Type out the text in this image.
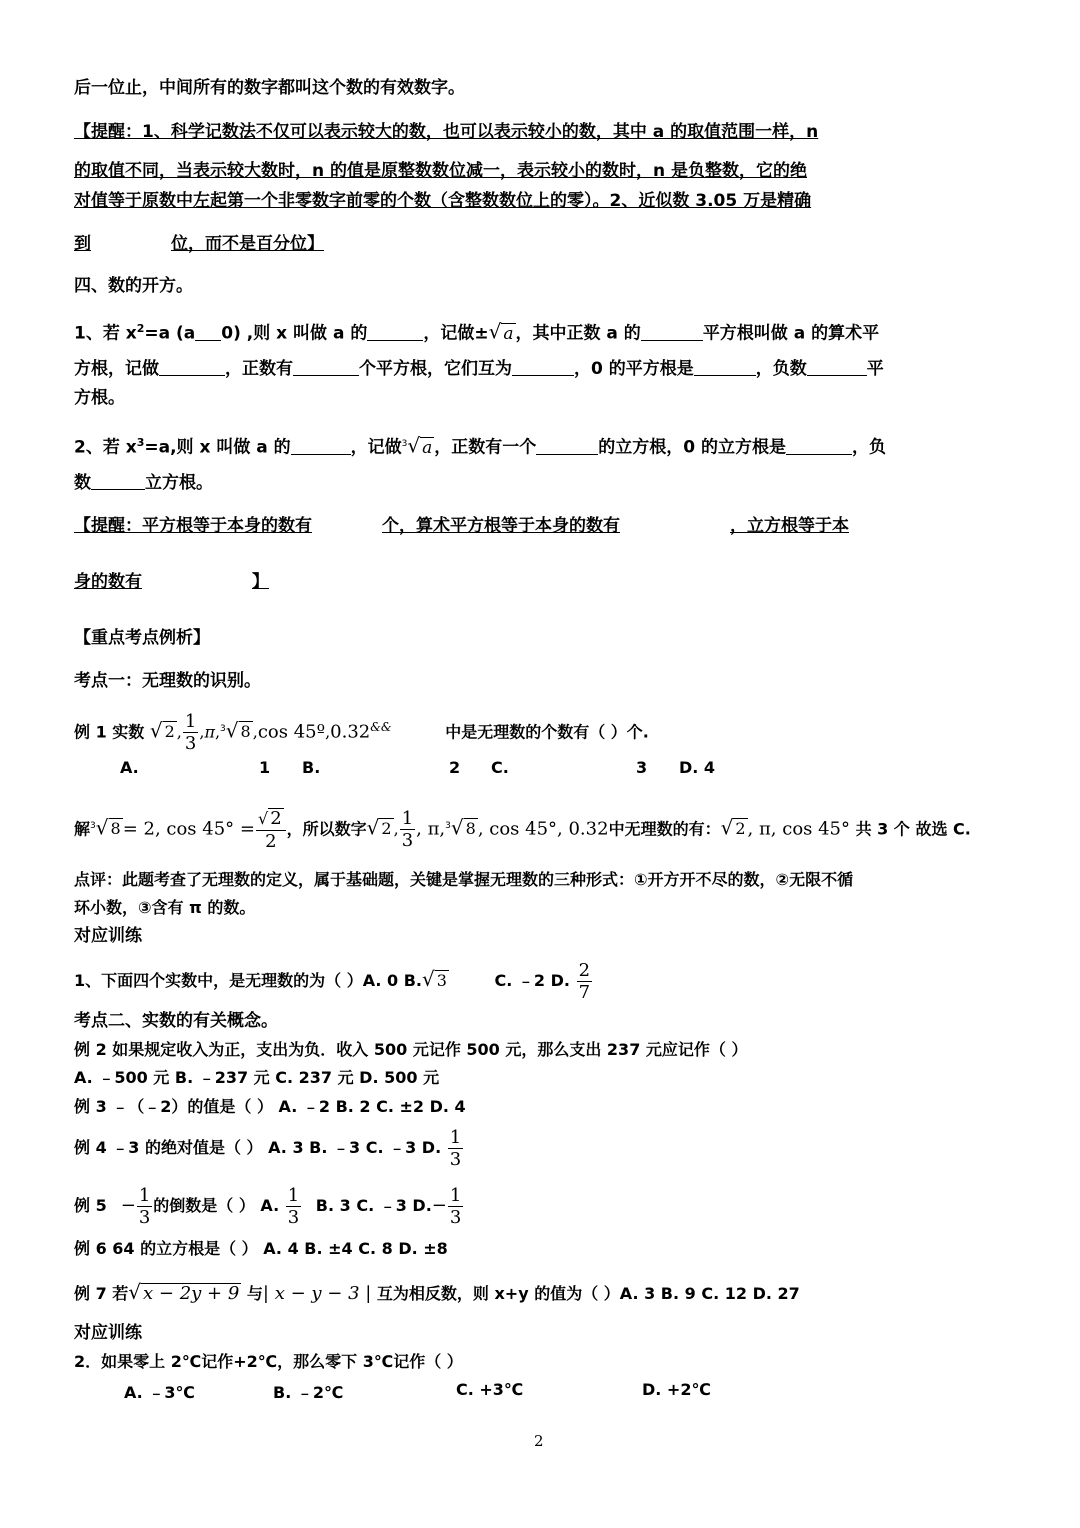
后一位止，中间所有的数字都叫这个数的有效数字。
【提醒：1、科学记数法不仅可以表示较大的数，也可以表示较小的数，其中 a 的取值范围一样，n
的取值不同，当表示较大数时，n 的值是原整数数位减一，表示较小的数时，n 是负整数，它的绝
对值等于原数中左起第一个非零数字前零的个数（含整数数位上的零）。2、近似数 3.05 万是精确
到	位，而不是百分位】
四、数的开方。
1、若 $x^2=a$ (a 0) ,则 x 叫做 a 的	，记做±√ a ，其中正数 a 的	平方根叫做 a 的算术平
方根，记做	，正数有	个平方根，它们互为	，0 的平方根是	，负数	平
方根。
2、若 $x^3=a$,则 x 叫做 a 的	，记做$^3$√ a ，正数有一个	的立方根，0 的立方根是	，负
数	立方根。
【提醒：平方根等于本身的数有	个，算术平方根等于本身的数有	，立方根等于本
身的数有	】
【重点考点例析】
考点一：无理数的识别。
例 1 实数 √ 2 , $\frac{1}{3} ,\pi,^3√$ 8 ,cos 45º,0.32&&	中是无理数的个数有（ ）个.
A.	1 B.	2 C.	3 D. 4
解$^3$√ 8 = 2, $\cos 45^\circ = \frac{√ 2}{2}$ ，所以数字√ 2 , $\frac{1}{3}$ , π,$^3$√ 8 , cos 45°, 0.32中无理数的有：√ 2 , π, cos 45° 共 3 个 故选 C.
点评：此题考查了无理数的定义，属于基础题，关键是掌握无理数的三种形式：①开方开不尽的数，②无限不循
环小数，③含有 π 的数。
对应训练
1、下面四个实数中，是无理数的为（ ）A. 0 B.√ 3	C. ﹣2 D. $\frac{2}{7}$
考点二、实数的有关概念。
例 2 如果规定收入为正，支出为负．收入 500 元记作 500 元，那么支出 237 元应记作（ ）
A. ﹣500 元 B. ﹣237 元 C. 237 元 D. 500 元
例 3 ﹣（﹣2）的值是（ ） A. ﹣2 B. 2 C. ±2 D. 4
例 4 ﹣3 的绝对值是（ ） A. 3 B. ﹣3 C. ﹣3 D. $\frac{1}{3}$
例 $5 - \frac{1}{3}$ 的倒数是（ ） A. $\frac{1}{3} B$. 3 C. ﹣3 $D.- \frac{1}{3}$
例 6 64 的立方根是（ ） A. 4 B. ±4 C. 8 D. ±8
例 7 若√ x − 2y + 9 与| x − y − 3 | 互为相反数，则 x+y 的值为（ ）A. 3 B. 9 C. 12 D. 27
对应训练
2．如果零上 2℃记作+2℃，那么零下 3℃记作（ ）
A. ﹣3℃	B. ﹣2℃	C. +3℃	D. +2℃
2
